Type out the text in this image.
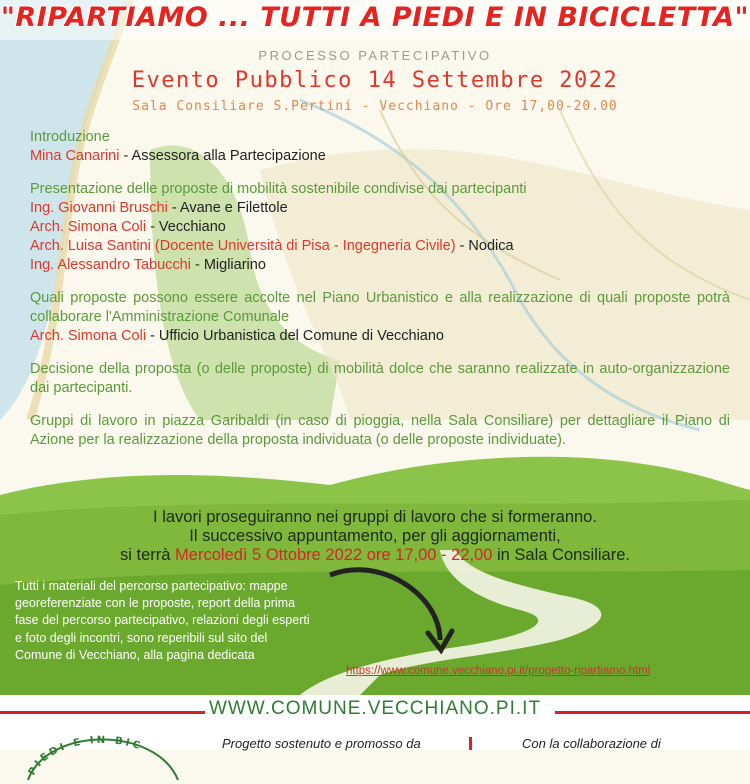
"RIPARTIAMO ... TUTTI A PIEDI E IN BICICLETTA"
PROCESSO PARTECIPATIVO
Evento Pubblico 14 Settembre 2022
Sala Consiliare S.Pertini - Vecchiano - Ore 17,00-20.00

Introduzione

Mina Canarini - Assessora alla Partecipazione

Presentazione delle proposte di mobilità sostenibile condivise dai partecipanti

Ing. Giovanni Bruschi - Avane e Filettole

Arch. Simona Coli - Vecchiano

Arch. Luisa Santini (Docente Università di Pisa - Ingegneria Civile) - Nodica

Ing. Alessandro Tabucchi - Migliarino

Quali proposte possono essere accolte nel Piano Urbanistico e alla realizzazione di quali proposte potrà collaborare l'Amministrazione Comunale

Arch. Simona Coli - Ufficio Urbanistica del Comune di Vecchiano

Decisione della proposta (o delle proposte) di mobilità dolce che saranno realizzate in auto-organizzazione dai partecipanti.

Gruppi di lavoro in piazza Garibaldi (in caso di pioggia, nella Sala Consiliare) per dettagliare il Piano di Azione per la realizzazione della proposta individuata (o delle proposte individuate).

I lavori proseguiranno nei gruppi di lavoro che si formeranno.
Il successivo appuntamento, per gli aggiornamenti,
si terrà Mercoledì 5 Ottobre 2022 ore 17,00 - 22,00 in Sala Consiliare.
Tutti i materiali del percorso partecipativo: mappe georeferenziate con le proposte, report della prima fase del percorso partecipativo, relazioni degli esperti e foto degli incontri, sono reperibili sul sito del Comune di Vecchiano, alla pagina dedicata
https://www.comune.vecchiano.pi.it/progetto-ripartiamo.html
WWW.COMUNE.VECCHIANO.PI.IT
PIEDI E IN BIC	Progetto sostenuto e promosso da	Con la collaborazione di
